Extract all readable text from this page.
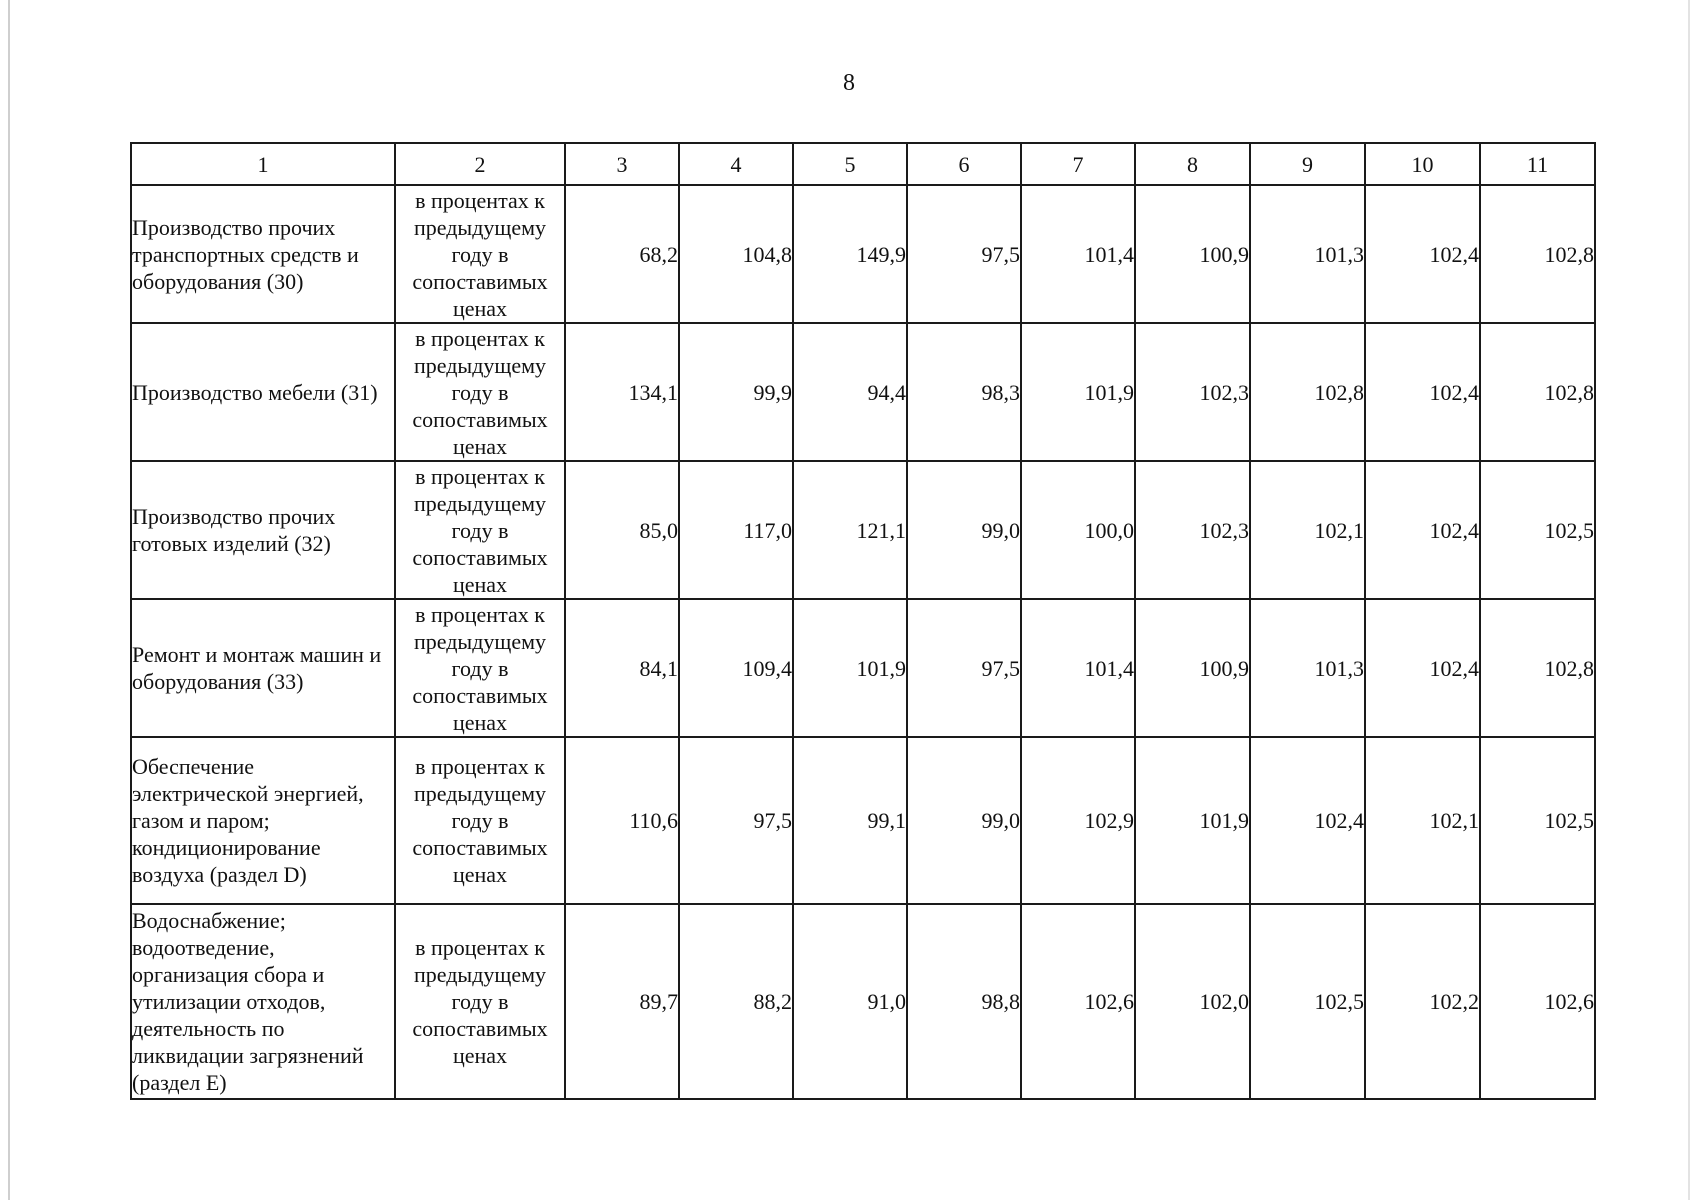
8
1	2	3	4	5	6	7	8	9	10	11
Производство прочих транспортных средств и оборудования (30)	в процентах к предыдущему году в сопоставимых ценах	68,2	104,8	149,9	97,5	101,4	100,9	101,3	102,4	102,8
Производство мебели (31)	в процентах к предыдущему году в сопоставимых ценах	134,1	99,9	94,4	98,3	101,9	102,3	102,8	102,4	102,8
Производство прочих готовых изделий (32)	в процентах к предыдущему году в сопоставимых ценах	85,0	117,0	121,1	99,0	100,0	102,3	102,1	102,4	102,5
Ремонт и монтаж машин и оборудования (33)	в процентах к предыдущему году в сопоставимых ценах	84,1	109,4	101,9	97,5	101,4	100,9	101,3	102,4	102,8
Обеспечение электрической энергией, газом и паром; кондиционирование воздуха (раздел D)	в процентах к предыдущему году в сопоставимых ценах	110,6	97,5	99,1	99,0	102,9	101,9	102,4	102,1	102,5
Водоснабжение; водоотведение, организация сбора и утилизации отходов, деятельность по ликвидации загрязнений (раздел E)	в процентах к предыдущему году в сопоставимых ценах	89,7	88,2	91,0	98,8	102,6	102,0	102,5	102,2	102,6
